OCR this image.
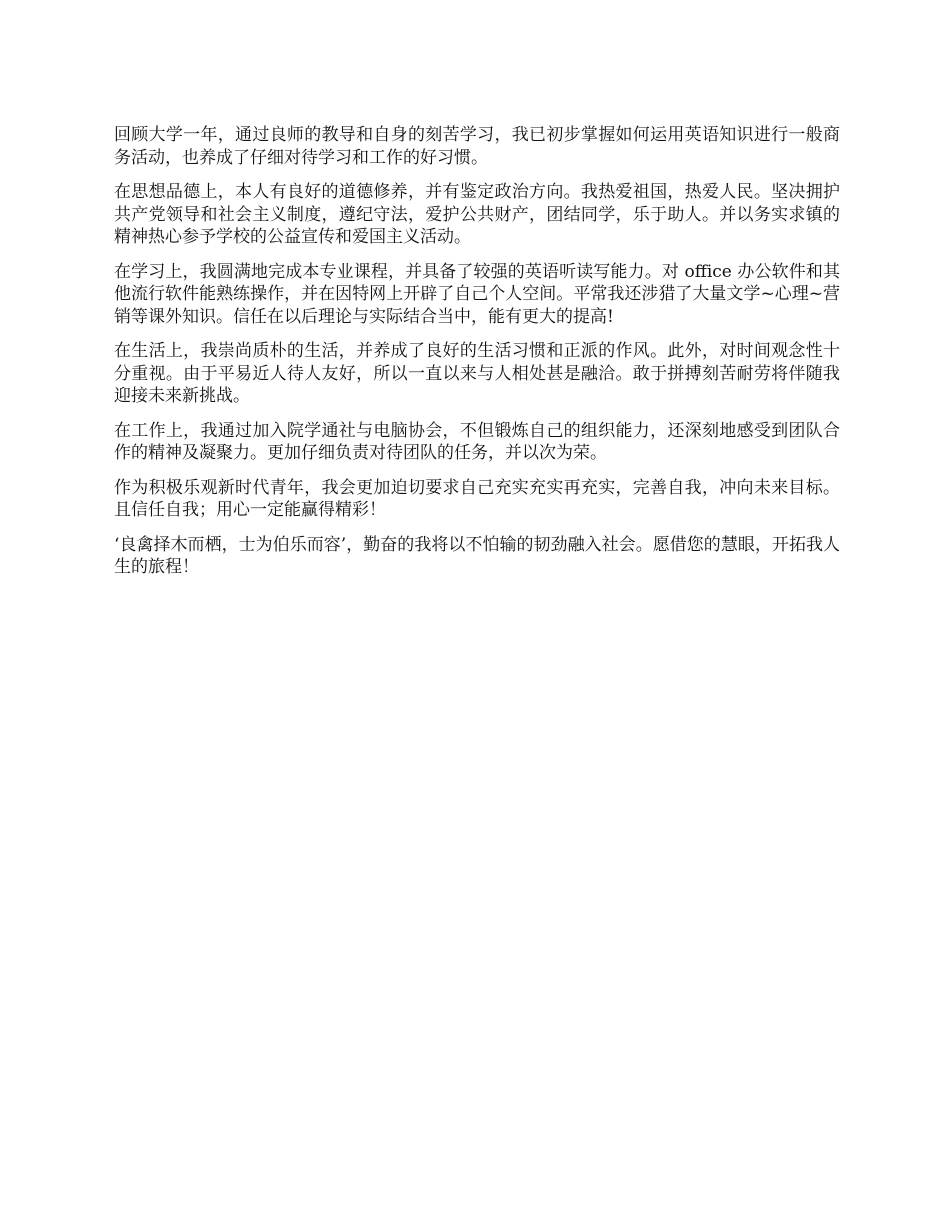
回顾大学一年，通过良师的教导和自身的刻苦学习，我已初步掌握如何运用英语知识进行一般商务活动，也养成了仔细对待学习和工作的好习惯。

在思想品德上，本人有良好的道德修养，并有鉴定政治方向。我热爱祖国，热爱人民。坚决拥护共产党领导和社会主义制度，遵纪守法，爱护公共财产，团结同学，乐于助人。并以务实求镇的精神热心参予学校的公益宣传和爱国主义活动。

在学习上，我圆满地完成本专业课程，并具备了较强的英语听读写能力。对 office 办公软件和其他流行软件能熟练操作，并在因特网上开辟了自己个人空间。平常我还涉猎了大量文学~心理~营销等课外知识。信任在以后理论与实际结合当中，能有更大的提高!

在生活上，我崇尚质朴的生活，并养成了良好的生活习惯和正派的作风。此外，对时间观念性十分重视。由于平易近人待人友好，所以一直以来与人相处甚是融洽。敢于拼搏刻苦耐劳将伴随我迎接未来新挑战。

在工作上，我通过加入院学通社与电脑协会，不但锻炼自己的组织能力，还深刻地感受到团队合作的精神及凝聚力。更加仔细负责对待团队的任务，并以次为荣。

作为积极乐观新时代青年，我会更加迫切要求自己充实充实再充实，完善自我，冲向未来目标。且信任自我；用心一定能赢得精彩！

‘良禽择木而栖，士为伯乐而容’，勤奋的我将以不怕输的韧劲融入社会。愿借您的慧眼，开拓我人生的旅程！
